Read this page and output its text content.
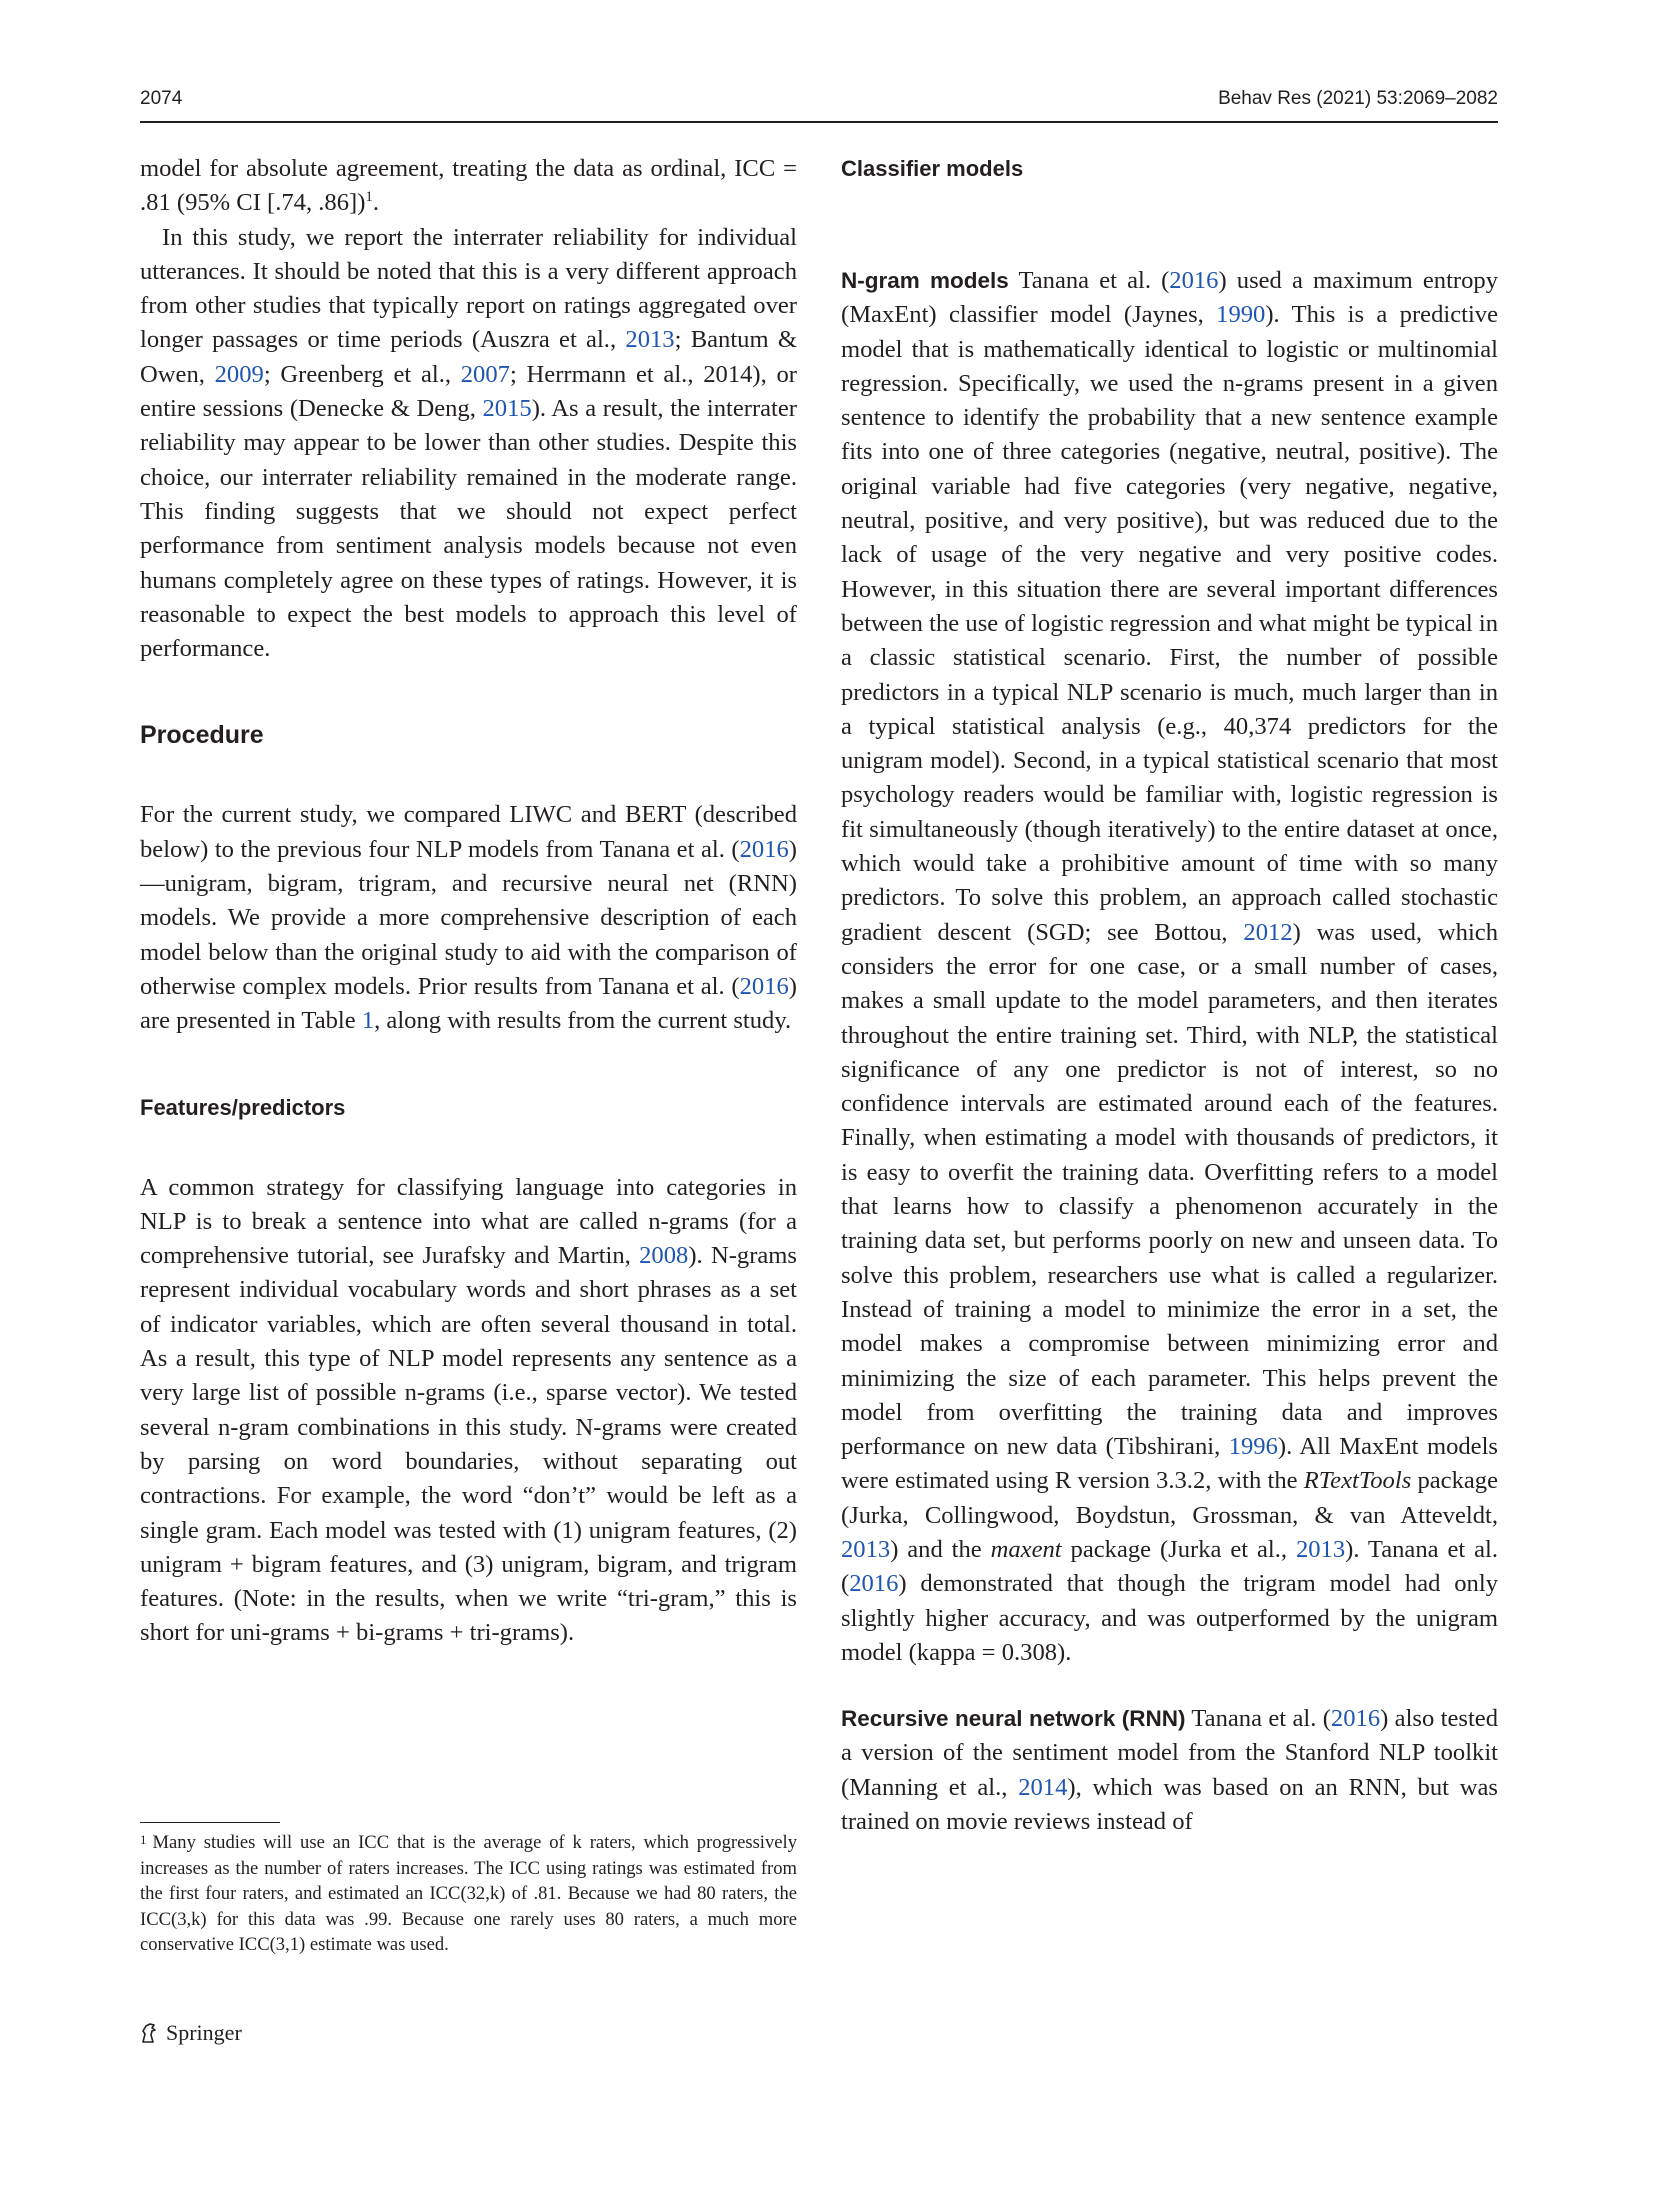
2074	Behav Res (2021) 53:2069–2082

model for absolute agreement, treating the data as ordinal, ICC = .81 (95% CI [.74, .86])$^1$.

In this study, we report the interrater reliability for individual utterances. It should be noted that this is a very different approach from other studies that typically report on ratings aggregated over longer passages or time periods (Auszra et al., 2013; Bantum & Owen, 2009; Greenberg et al., 2007; Herrmann et al., 2014), or entire sessions (Denecke & Deng, 2015). As a result, the interrater reliability may appear to be lower than other studies. Despite this choice, our interrater reliability remained in the moderate range. This finding suggests that we should not expect perfect performance from sentiment analysis models because not even humans completely agree on these types of ratings. However, it is reasonable to expect the best models to approach this level of performance.

Procedure

For the current study, we compared LIWC and BERT (described below) to the previous four NLP models from Tanana et al. (2016)—unigram, bigram, trigram, and recursive neural net (RNN) models. We provide a more comprehensive description of each model below than the original study to aid with the comparison of otherwise complex models. Prior results from Tanana et al. (2016) are presented in Table 1, along with results from the current study.

Features/predictors

A common strategy for classifying language into categories in NLP is to break a sentence into what are called n-grams (for a comprehensive tutorial, see Jurafsky and Martin, 2008). N-grams represent individual vocabulary words and short phrases as a set of indicator variables, which are often several thousand in total. As a result, this type of NLP model represents any sentence as a very large list of possible n-grams (i.e., sparse vector). We tested several n-gram combinations in this study. N-grams were created by parsing on word boundaries, without separating out contractions. For example, the word “don’t” would be left as a single gram. Each model was tested with (1) unigram features, (2) unigram + bigram features, and (3) unigram, bigram, and trigram features. (Note: in the results, when we write “tri-gram,” this is short for uni-grams + bi-grams + tri-grams).

Classifier models

N-gram models Tanana et al. (2016) used a maximum entropy (MaxEnt) classifier model (Jaynes, 1990). This is a predictive model that is mathematically identical to logistic or multinomial regression. Specifically, we used the n-grams present in a given sentence to identify the probability that a new sentence example fits into one of three categories (negative, neutral, positive). The original variable had five categories (very negative, negative, neutral, positive, and very positive), but was reduced due to the lack of usage of the very negative and very positive codes. However, in this situation there are several important differences between the use of logistic regression and what might be typical in a classic statistical scenario. First, the number of possible predictors in a typical NLP scenario is much, much larger than in a typical statistical analysis (e.g., 40,374 predictors for the unigram model). Second, in a typical statistical scenario that most psychology readers would be familiar with, logistic regression is fit simultaneously (though iteratively) to the entire dataset at once, which would take a prohibitive amount of time with so many predictors. To solve this problem, an approach called stochastic gradient descent (SGD; see Bottou, 2012) was used, which considers the error for one case, or a small number of cases, makes a small update to the model parameters, and then iterates throughout the entire training set. Third, with NLP, the statistical significance of any one predictor is not of interest, so no confidence intervals are estimated around each of the features. Finally, when estimating a model with thousands of predictors, it is easy to overfit the training data. Overfitting refers to a model that learns how to classify a phenomenon accurately in the training data set, but performs poorly on new and unseen data. To solve this problem, researchers use what is called a regularizer. Instead of training a model to minimize the error in a set, the model makes a compromise between minimizing error and minimizing the size of each parameter. This helps prevent the model from overfitting the training data and improves performance on new data (Tibshirani, 1996). All MaxEnt models were estimated using R version 3.3.2, with the RTextTools package (Jurka, Collingwood, Boydstun, Grossman, & van Atteveldt, 2013) and the maxent package (Jurka et al., 2013). Tanana et al. (2016) demonstrated that though the trigram model had only slightly higher accuracy, and was outperformed by the unigram model (kappa = 0.308).

Recursive neural network (RNN) Tanana et al. (2016) also tested a version of the sentiment model from the Stanford NLP toolkit (Manning et al., 2014), which was based on an RNN, but was trained on movie reviews instead of

$^1$ Many studies will use an ICC that is the average of k raters, which progressively increases as the number of raters increases. The ICC using ratings was estimated from the first four raters, and estimated an ICC(32,k) of .81. Because we had 80 raters, the ICC(3,k) for this data was .99. Because one rarely uses 80 raters, a much more conservative ICC(3,1) estimate was used.
Springer
